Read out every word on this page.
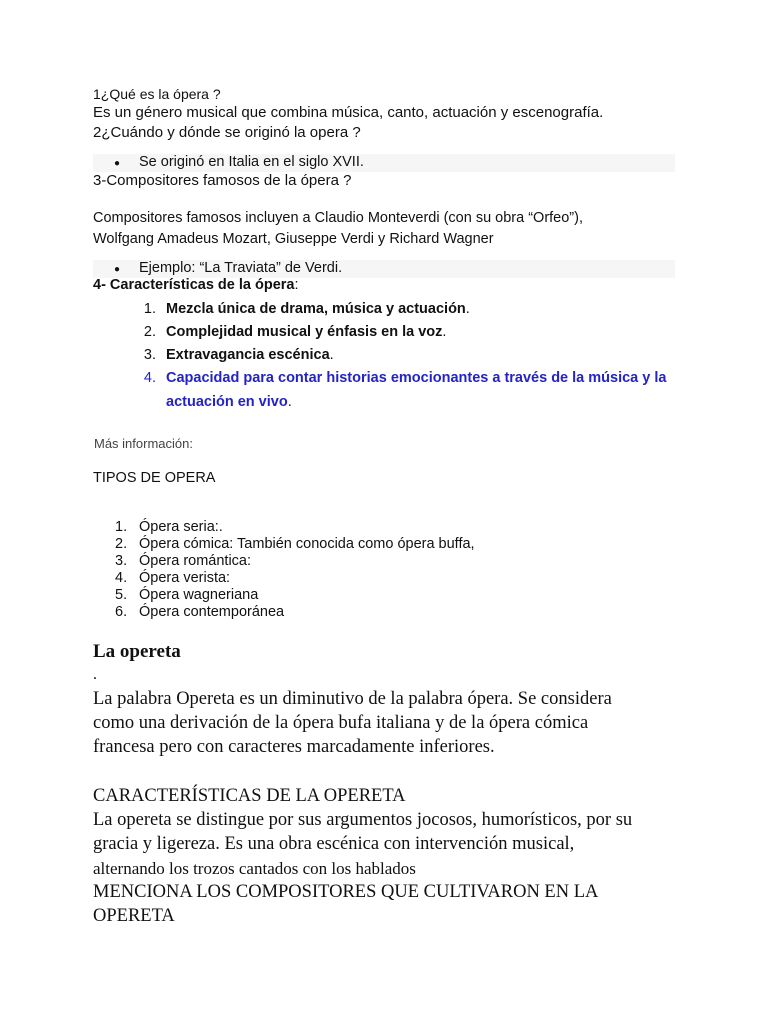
1¿Qué es la ópera ?
Es un género musical que combina música, canto, actuación y escenografía.
2¿Cuándo y dónde se originó la opera ?
● Se originó en Italia en el siglo XVII.
3-Compositores famosos de la ópera ?
Compositores famosos incluyen a Claudio Monteverdi (con su obra “Orfeo”),
Wolfgang Amadeus Mozart, Giuseppe Verdi y Richard Wagner
● Ejemplo: “La Traviata” de Verdi.
4- Características de la ópera:
1. Mezcla única de drama, música y actuación.
2. Complejidad musical y énfasis en la voz.
3. Extravagancia escénica.
4. Capacidad para contar historias emocionantes a través de la música y la
actuación en vivo.
Más información:
TIPOS DE OPERA
1. Ópera seria:.
2. Ópera cómica: También conocida como ópera buffa,
3. Ópera romántica:
4. Ópera verista:
5. Ópera wagneriana
6. Ópera contemporánea
La opereta
.
La palabra Opereta es un diminutivo de la palabra ópera. Se considera
como una derivación de la ópera bufa italiana y de la ópera cómica
francesa pero con caracteres marcadamente inferiores.
CARACTERÍSTICAS DE LA OPERETA
La opereta se distingue por sus argumentos jocosos, humorísticos, por su
gracia y ligereza. Es una obra escénica con intervención musical,
alternando los trozos cantados con los hablados
MENCIONA LOS COMPOSITORES QUE CULTIVARON EN LA
OPERETA
